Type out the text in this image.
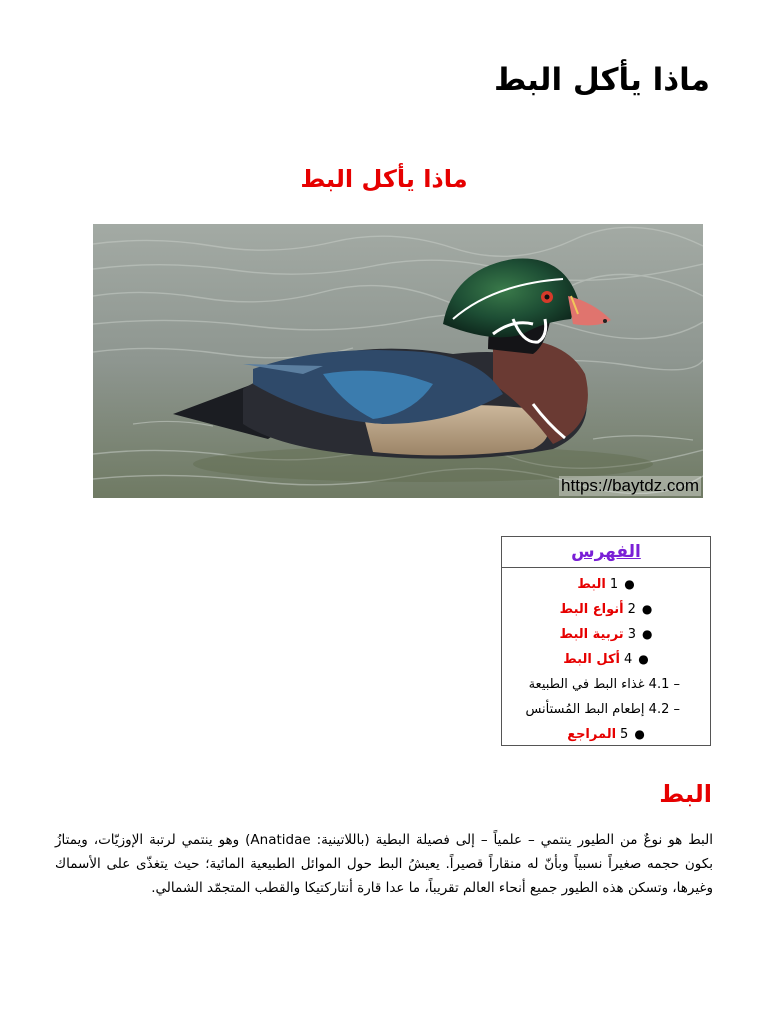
ماذا يأكل البط
ماذا يأكل البط
https://baytdz.com
الفهرس
●1البط
●2أنواع البط
●3تربية البط
●4أكل البط
– 4.1 غذاء البط في الطبيعة
– 4.2 إطعام البط المُستأنس
●5المراجع
البط

البط هو نوعٌ من الطيور ينتمي – علمياً – إلى فصيلة البطية (باللاتينية: Anatidae)‏ وهو ينتمي لرتبة الإوزيّات، ويمتازُ بكون حجمه صغيراً نسبياً وبأنّ له منقاراً قصيراً. يعيشُ البط حول الموائل الطبيعية المائية؛ حيث يتغذّى على الأسماك وغيرها، وتسكن هذه الطيور جميع أنحاء العالم تقريباً، ما عدا قارة أنتاركتيكا‏ والقطب المتجمّد الشمالي.
